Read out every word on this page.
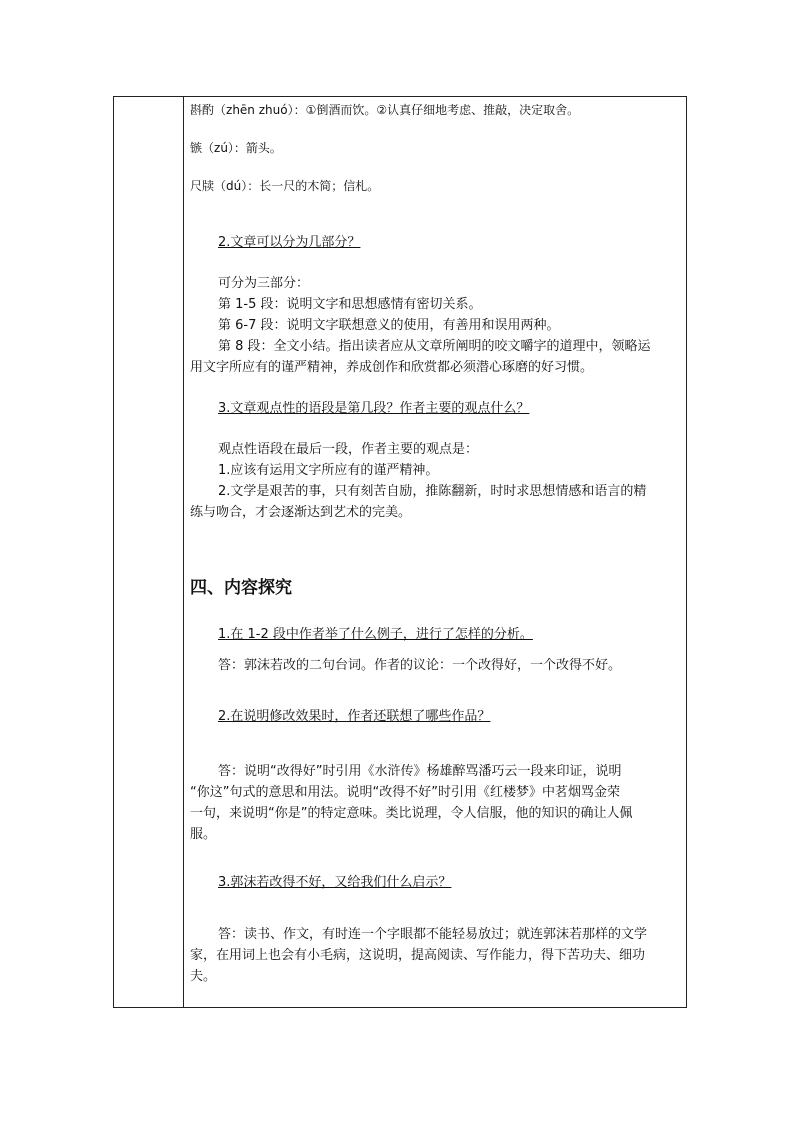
斟酌（zhēn zhuó）：①倒酒而饮。②认真仔细地考虑、推敲，决定取舍。
镞（zú）：箭头。
尺牍（dú）：长一尺的木简；信札。
2.文章可以分为几部分？
可分为三部分：
第 1-5 段：说明文字和思想感情有密切关系。
第 6-7 段：说明文字联想意义的使用，有善用和误用两种。
第 8 段：全文小结。指出读者应从文章所阐明的咬文嚼字的道理中，领略运
用文字所应有的谨严精神，养成创作和欣赏都必须潜心琢磨的好习惯。
3.文章观点性的语段是第几段？作者主要的观点什么？
观点性语段在最后一段，作者主要的观点是：
1.应该有运用文字所应有的谨严精神。
2.文学是艰苦的事，只有刻苦自励，推陈翻新，时时求思想情感和语言的精
练与吻合，才会逐渐达到艺术的完美。
四、内容探究
1.在 1-2 段中作者举了什么例子，进行了怎样的分析。
答：郭沫若改的二句台词。作者的议论：一个改得好，一个改得不好。
2.在说明修改效果时，作者还联想了哪些作品？
答：说明“改得好”时引用《水浒传》杨雄醉骂潘巧云一段来印证，说明
“你这”句式的意思和用法。说明“改得不好”时引用《红楼梦》中茗烟骂金荣
一句，来说明“你是”的特定意味。类比说理，令人信服，他的知识的确让人佩
服。
3.郭沫若改得不好，又给我们什么启示？
答：读书、作文，有时连一个字眼都不能轻易放过；就连郭沫若那样的文学
家，在用词上也会有小毛病，这说明，提高阅读、写作能力，得下苦功夫、细功
夫。
